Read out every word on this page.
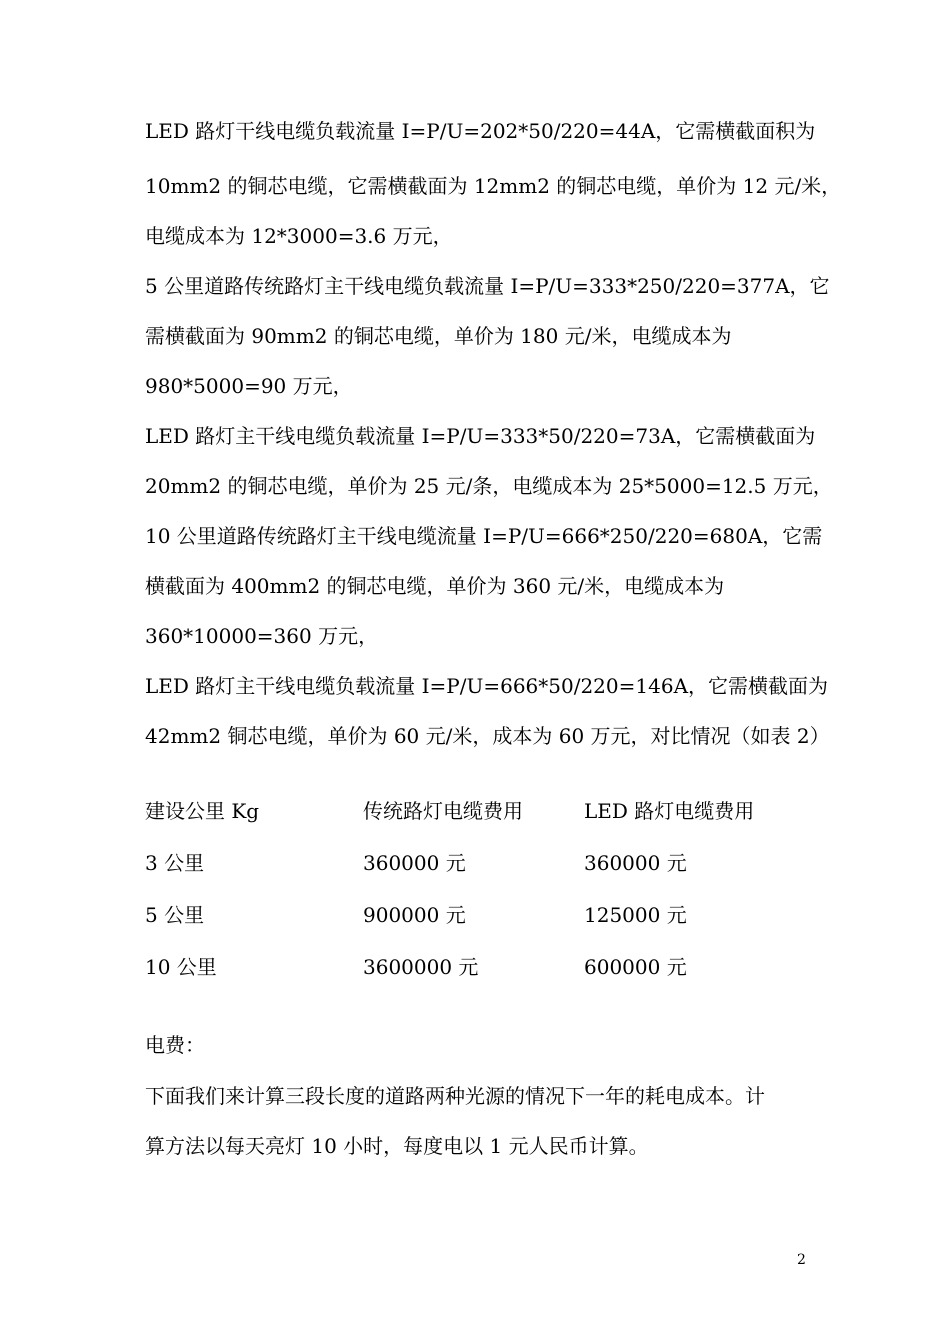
LED 路灯干线电缆负载流量 I=P/U=202*50/220=44A，它需横截面积为
10mm2 的铜芯电缆，它需横截面为 12mm2 的铜芯电缆，单价为 12 元/米，
电缆成本为 12*3000=3.6 万元，
5 公里道路传统路灯主干线电缆负载流量 I=P/U=333*250/220=377A，它
需横截面为 90mm2 的铜芯电缆，单价为 180 元/米，电缆成本为
980*5000=90 万元，
LED 路灯主干线电缆负载流量 I=P/U=333*50/220=73A，它需横截面为
20mm2 的铜芯电缆，单价为 25 元/条，电缆成本为 25*5000=12.5 万元，
10 公里道路传统路灯主干线电缆流量 I=P/U=666*250/220=680A，它需
横截面为 400mm2 的铜芯电缆，单价为 360 元/米，电缆成本为
360*10000=360 万元，
LED 路灯主干线电缆负载流量 I=P/U=666*50/220=146A，它需横截面为
42mm2 铜芯电缆，单价为 60 元/米，成本为 60 万元，对比情况（如表 2）
建设公里 Kg	传统路灯电缆费用	LED 路灯电缆费用
3 公里	360000 元	360000 元
5 公里	900000 元	125000 元
10 公里	3600000 元	600000 元
电费：
下面我们来计算三段长度的道路两种光源的情况下一年的耗电成本。计
算方法以每天亮灯 10 小时，每度电以 1 元人民币计算。
2
